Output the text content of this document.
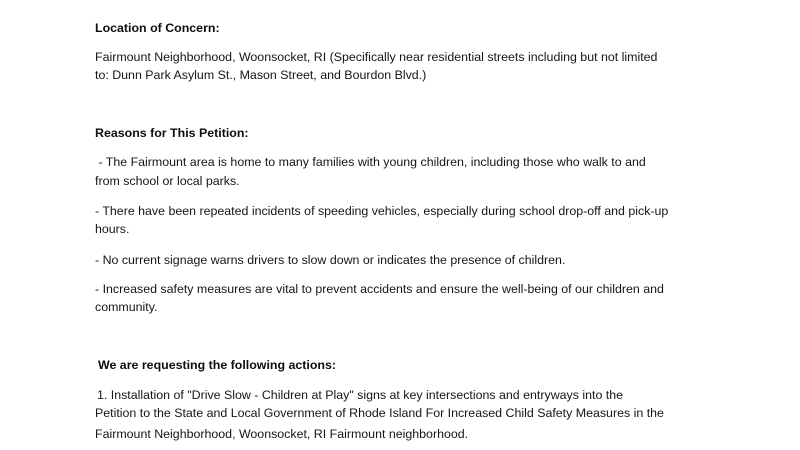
Location of Concern:

Fairmount Neighborhood, Woonsocket, RI (Specifically near residential streets including but not limited

to: Dunn Park Asylum St., Mason Street, and Bourdon Blvd.)

Reasons for This Petition:

- The Fairmount area is home to many families with young children, including those who walk to and

from school or local parks.

- There have been repeated incidents of speeding vehicles, especially during school drop-off and pick-up

hours.

- No current signage warns drivers to slow down or indicates the presence of children.

- Increased safety measures are vital to prevent accidents and ensure the well-being of our children and

community.

We are requesting the following actions:

1. Installation of "Drive Slow - Children at Play" signs at key intersections and entryways into the

Petition to the State and Local Government of Rhode Island For Increased Child Safety Measures in the

Fairmount Neighborhood, Woonsocket, RI Fairmount neighborhood.
